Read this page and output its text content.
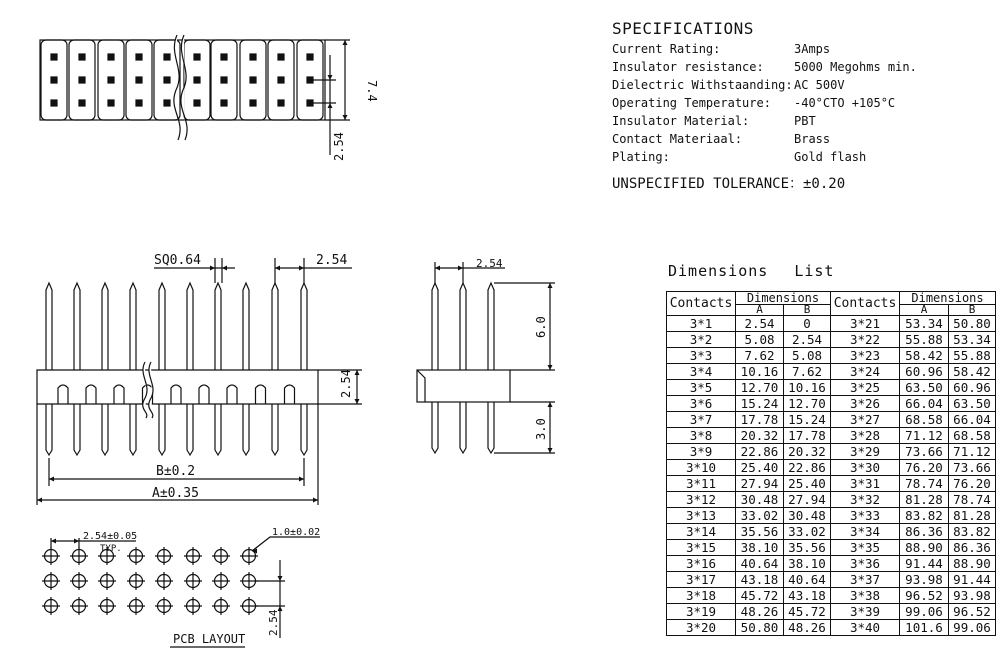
SPECIFICATIONS
Current Rating:	3Amps
Insulator resistance:	5000 Megohms min.
Dielectric Withstaanding: AC 500V
Operating Temperature:	-40°CTO +105°C
Insulator Material:	PBT
Contact Materiaal:	Brass
Plating:	Gold flash
UNSPECIFIED TOLERANCE：±0.20
Dimensions List
Contacts	Dimensions		Contacts	Dimensions	
	A	B		A	B
3*1	2.54	0	3*21	53.34	50.80
3*2	5.08	2.54	3*22	55.88	53.34
3*3	7.62	5.08	3*23	58.42	55.88
3*4	10.16	7.62	3*24	60.96	58.42
3*5	12.70	10.16	3*25	63.50	60.96
3*6	15.24	12.70	3*26	66.04	63.50
3*7	17.78	15.24	3*27	68.58	66.04
3*8	20.32	17.78	3*28	71.12	68.58
3*9	22.86	20.32	3*29	73.66	71.12
3*10	25.40	22.86	3*30	76.20	73.66
3*11	27.94	25.40	3*31	78.74	76.20
3*12	30.48	27.94	3*32	81.28	78.74
3*13	33.02	30.48	3*33	83.82	81.28
3*14	35.56	33.02	3*34	86.36	83.82
3*15	38.10	35.56	3*35	88.90	86.36
3*16	40.64	38.10	3*36	91.44	88.90
3*17	43.18	40.64	3*37	93.98	91.44
3*18	45.72	43.18	3*38	96.52	93.98
3*19	48.26	45.72	3*39	99.06	96.52
3*20	50.80	48.26	3*40	101.6	99.06
7.4
2.54
SQ0.64	2.54
2.54
B±0.2
A±0.35
2.54
6.0
3.0
2.54±0.05
TYP.
1.0±0.02
2.54
PCB LAYOUT
